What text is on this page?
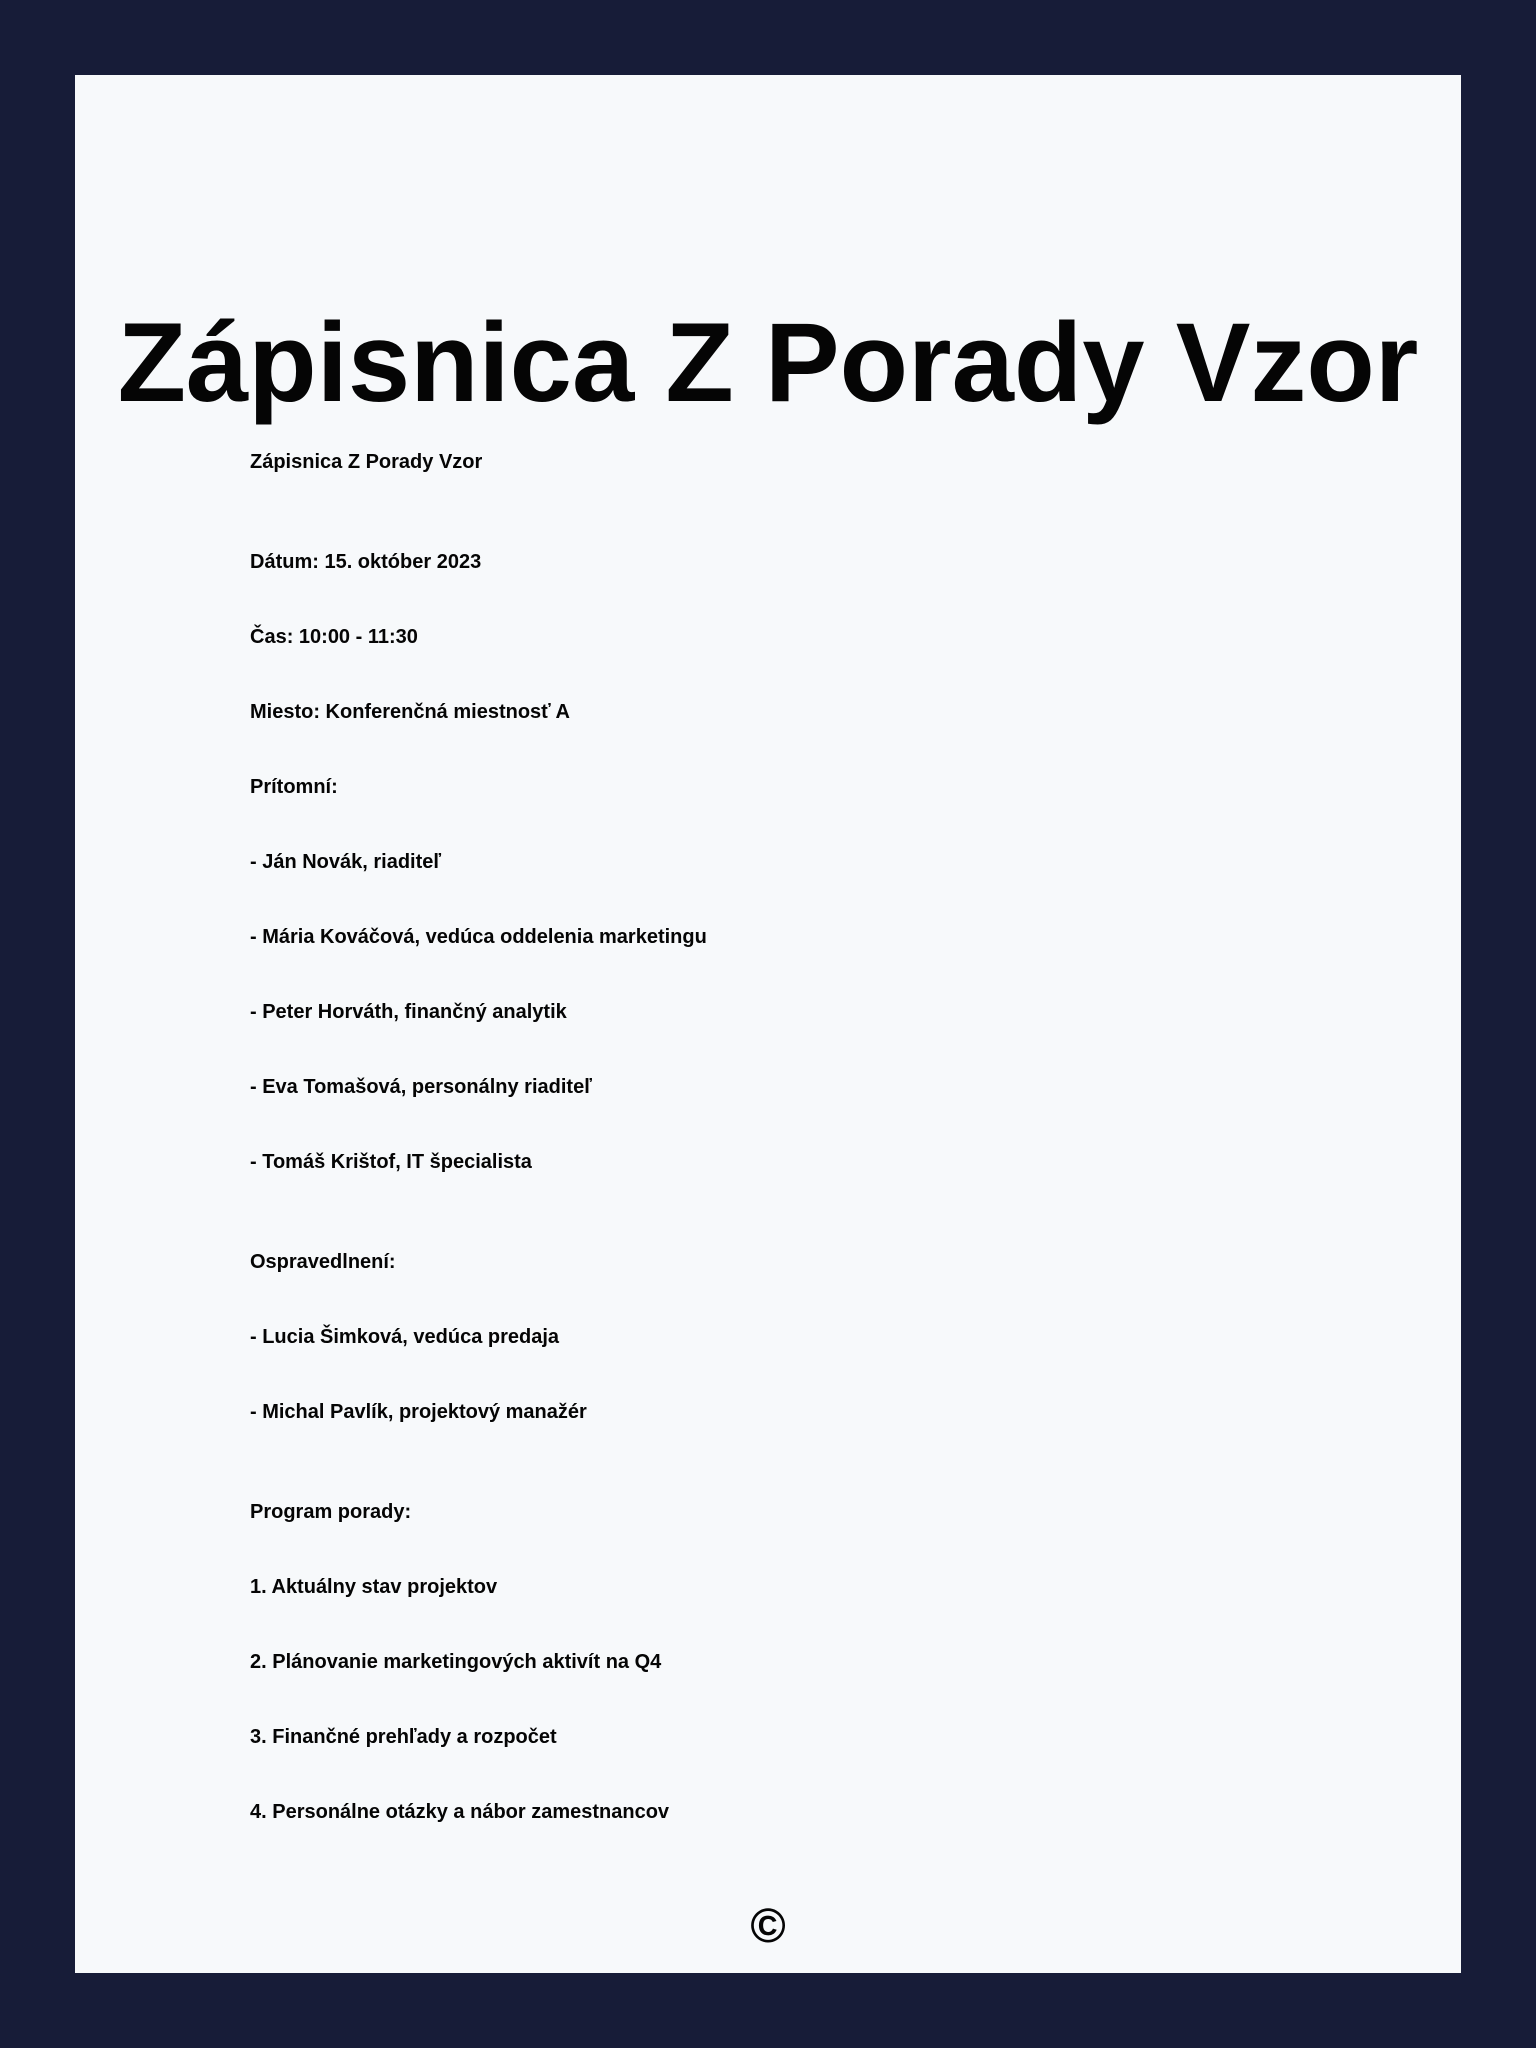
Zápisnica Z Porady Vzor

Zápisnica Z Porady Vzor

Dátum: 15. október 2023

Čas: 10:00 - 11:30

Miesto: Konferenčná miestnosť A

Prítomní:

- Ján Novák, riaditeľ

- Mária Kováčová, vedúca oddelenia marketingu

- Peter Horváth, finančný analytik

- Eva Tomašová, personálny riaditeľ

- Tomáš Krištof, IT špecialista

Ospravedlnení:

- Lucia Šimková, vedúca predaja

- Michal Pavlík, projektový manažér

Program porady:

1. Aktuálny stav projektov

2. Plánovanie marketingových aktivít na Q4

3. Finančné prehľady a rozpočet

4. Personálne otázky a nábor zamestnancov

©
